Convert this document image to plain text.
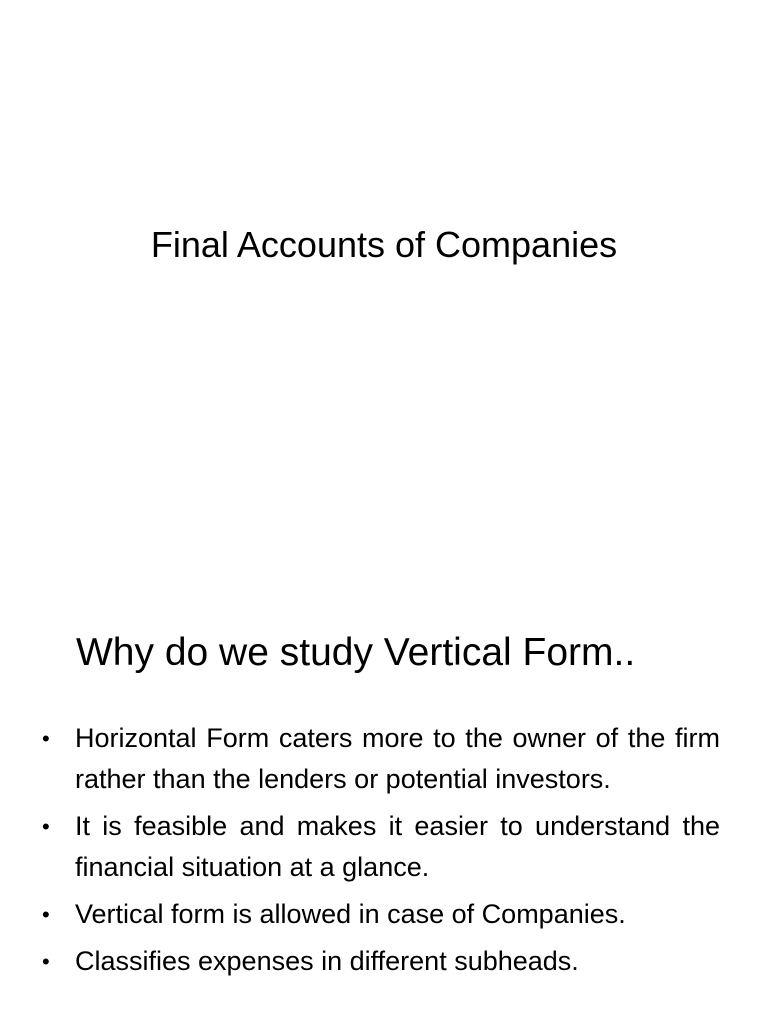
Final Accounts of Companies
Why do we study Vertical Form..
• Horizontal Form caters more to the owner of the firm rather than the lenders or potential investors.
• It is feasible and makes it easier to understand the financial situation at a glance.
• Vertical form is allowed in case of Companies.
• Classifies expenses in different subheads.
